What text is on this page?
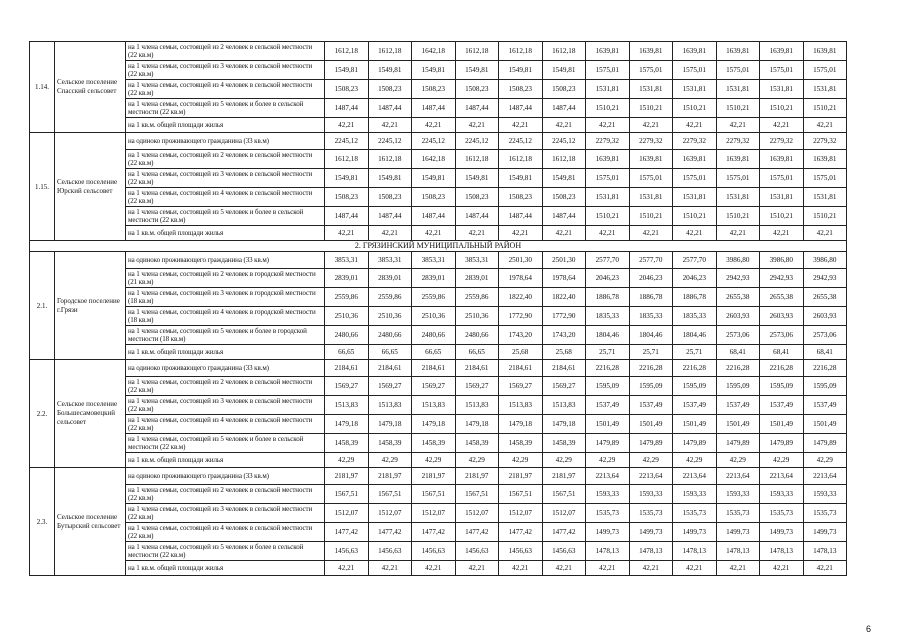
1.14.	Сельское поселение Спасский сельсовет	на 1 члена семьи, состоящей из 2 человек в сельской местности (22 кв.м)	1612,18	1612,18	1642,18	1612,18	1612,18	1612,18	1639,81	1639,81	1639,81	1639,81	1639,81	1639,81
		на 1 члена семьи, состоящей из 3 человек в сельской местности (22 кв.м)	1549,81	1549,81	1549,81	1549,81	1549,81	1549,81	1575,01	1575,01	1575,01	1575,01	1575,01	1575,01
		на 1 члена семьи, состоящей из 4 человек в сельской местности (22 кв.м)	1508,23	1508,23	1508,23	1508,23	1508,23	1508,23	1531,81	1531,81	1531,81	1531,81	1531,81	1531,81
		на 1 члена семьи, состоящей из 5 человек и более в сельской местности (22 кв.м)	1487,44	1487,44	1487,44	1487,44	1487,44	1487,44	1510,21	1510,21	1510,21	1510,21	1510,21	1510,21
		на 1 кв.м. общей площади жилья	42,21	42,21	42,21	42,21	42,21	42,21	42,21	42,21	42,21	42,21	42,21	42,21
1.15.	Сельское поселение Юрский сельсовет	на одиноко проживающего гражданина (33 кв.м)	2245,12	2245,12	2245,12	2245,12	2245,12	2245,12	2279,32	2279,32	2279,32	2279,32	2279,32	2279,32
		на 1 члена семьи, состоящей из 2 человек в сельской местности (22 кв.м)	1612,18	1612,18	1642,18	1612,18	1612,18	1612,18	1639,81	1639,81	1639,81	1639,81	1639,81	1639,81
		на 1 члена семьи, состоящей из 3 человек в сельской местности (22 кв.м)	1549,81	1549,81	1549,81	1549,81	1549,81	1549,81	1575,01	1575,01	1575,01	1575,01	1575,01	1575,01
		на 1 члена семьи, состоящей из 4 человек в сельской местности (22 кв.м)	1508,23	1508,23	1508,23	1508,23	1508,23	1508,23	1531,81	1531,81	1531,81	1531,81	1531,81	1531,81
		на 1 члена семьи, состоящей из 5 человек и более в сельской местности (22 кв.м)	1487,44	1487,44	1487,44	1487,44	1487,44	1487,44	1510,21	1510,21	1510,21	1510,21	1510,21	1510,21
		на 1 кв.м. общей площади жилья	42,21	42,21	42,21	42,21	42,21	42,21	42,21	42,21	42,21	42,21	42,21	42,21
2. ГРЯЗИНСКИЙ МУНИЦИПАЛЬНЫЙ РАЙОН														
2.1.	Городское поселение г.Грязи	на одиноко проживающего гражданина (33 кв.м)	3853,31	3853,31	3853,31	3853,31	2501,30	2501,30	2577,70	2577,70	2577,70	3986,80	3986,80	3986,80
		на 1 члена семьи, состоящей из 2 человек в городской местности (21 кв.м)	2839,01	2839,01	2839,01	2839,01	1978,64	1978,64	2046,23	2046,23	2046,23	2942,93	2942,93	2942,93
		на 1 члена семьи, состоящей из 3 человек в городской местности (18 кв.м)	2559,86	2559,86	2559,86	2559,86	1822,40	1822,40	1886,78	1886,78	1886,78	2655,38	2655,38	2655,38
		на 1 члена семьи, состоящей из 4 человек в городской местности (18 кв.м)	2510,36	2510,36	2510,36	2510,36	1772,90	1772,90	1835,33	1835,33	1835,33	2603,93	2603,93	2603,93
		на 1 члена семьи, состоящей из 5 человек и более в городской местности (18 кв.м)	2480,66	2480,66	2480,66	2480,66	1743,20	1743,20	1804,46	1804,46	1804,46	2573,06	2573,06	2573,06
		на 1 кв.м. общей площади жилья	66,65	66,65	66,65	66,65	25,68	25,68	25,71	25,71	25,71	68,41	68,41	68,41
2.2.	Сельское поселение Большесамовецкий сельсовет	на одиноко проживающего гражданина (33 кв.м)	2184,61	2184,61	2184,61	2184,61	2184,61	2184,61	2216,28	2216,28	2216,28	2216,28	2216,28	2216,28
		на 1 члена семьи, состоящей из 2 человек в сельской местности (22 кв.м)	1569,27	1569,27	1569,27	1569,27	1569,27	1569,27	1595,09	1595,09	1595,09	1595,09	1595,09	1595,09
		на 1 члена семьи, состоящей из 3 человек в сельской местности (22 кв.м)	1513,83	1513,83	1513,83	1513,83	1513,83	1513,83	1537,49	1537,49	1537,49	1537,49	1537,49	1537,49
		на 1 члена семьи, состоящей из 4 человек в сельской местности (22 кв.м)	1479,18	1479,18	1479,18	1479,18	1479,18	1479,18	1501,49	1501,49	1501,49	1501,49	1501,49	1501,49
		на 1 члена семьи, состоящей из 5 человек и более в сельской местности (22 кв.м)	1458,39	1458,39	1458,39	1458,39	1458,39	1458,39	1479,89	1479,89	1479,89	1479,89	1479,89	1479,89
		на 1 кв.м. общей площади жилья	42,29	42,29	42,29	42,29	42,29	42,29	42,29	42,29	42,29	42,29	42,29	42,29
2.3.	Сельское поселение Бутырский сельсовет	на одиноко проживающего гражданина (33 кв.м)	2181,97	2181,97	2181,97	2181,97	2181,97	2181,97	2213,64	2213,64	2213,64	2213,64	2213,64	2213,64
		на 1 члена семьи, состоящей из 2 человек в сельской местности (22 кв.м)	1567,51	1567,51	1567,51	1567,51	1567,51	1567,51	1593,33	1593,33	1593,33	1593,33	1593,33	1593,33
		на 1 члена семьи, состоящей из 3 человек в сельской местности (22 кв.м)	1512,07	1512,07	1512,07	1512,07	1512,07	1512,07	1535,73	1535,73	1535,73	1535,73	1535,73	1535,73
		на 1 члена семьи, состоящей из 4 человек в сельской местности (22 кв.м)	1477,42	1477,42	1477,42	1477,42	1477,42	1477,42	1499,73	1499,73	1499,73	1499,73	1499,73	1499,73
		на 1 члена семьи, состоящей из 5 человек и более в сельской местности (22 кв.м)	1456,63	1456,63	1456,63	1456,63	1456,63	1456,63	1478,13	1478,13	1478,13	1478,13	1478,13	1478,13
		на 1 кв.м. общей площади жилья	42,21	42,21	42,21	42,21	42,21	42,21	42,21	42,21	42,21	42,21	42,21	42,21
6
